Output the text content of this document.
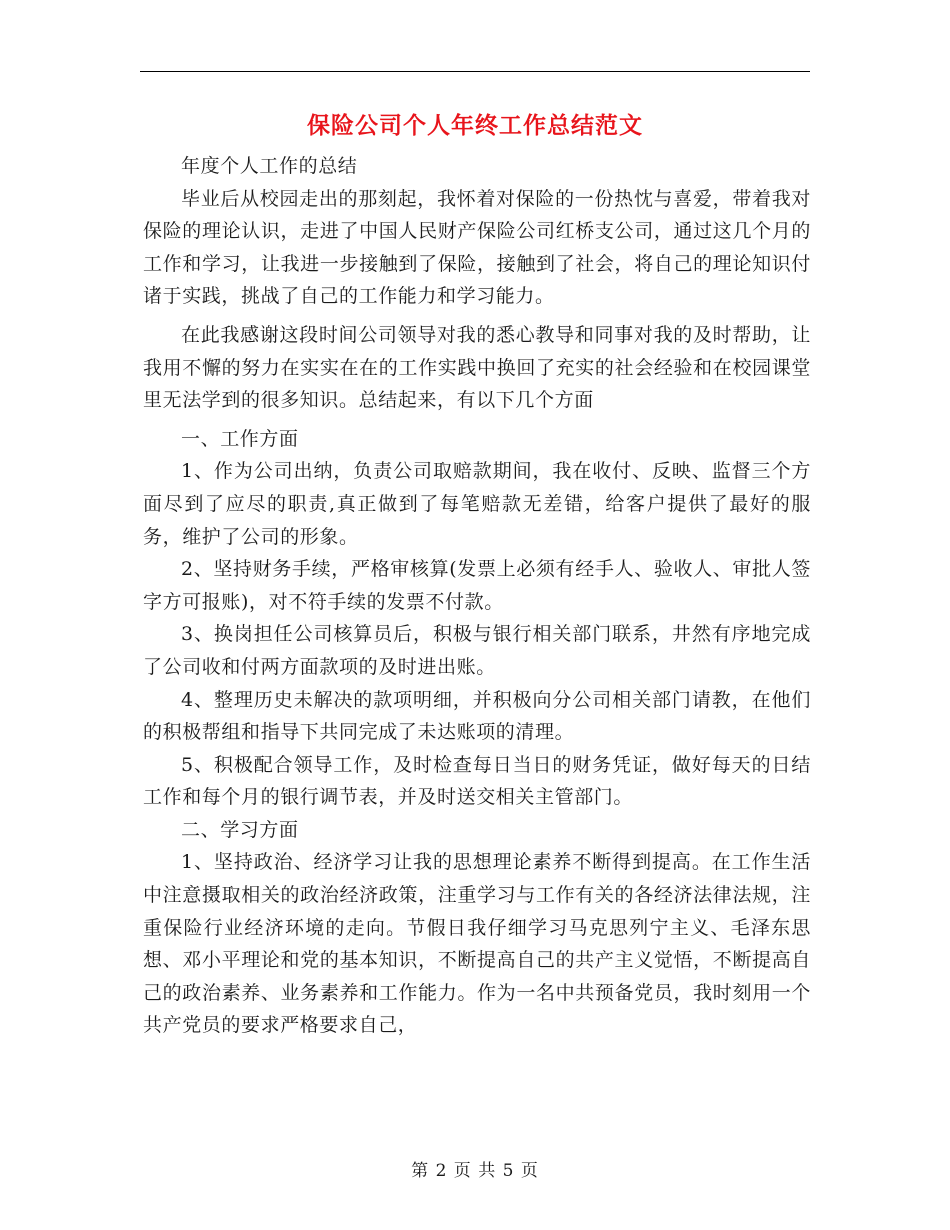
保险公司个人年终工作总结范文

年度个人工作的总结

毕业后从校园走出的那刻起，我怀着对保险的一份热忱与喜爱，带着我对保险的理论认识，走进了中国人民财产保险公司红桥支公司，通过这几个月的工作和学习，让我进一步接触到了保险，接触到了社会，将自己的理论知识付诸于实践，挑战了自己的工作能力和学习能力。

在此我感谢这段时间公司领导对我的悉心教导和同事对我的及时帮助，让我用不懈的努力在实实在在的工作实践中换回了充实的社会经验和在校园课堂里无法学到的很多知识。总结起来，有以下几个方面

一、工作方面

1、作为公司出纳，负责公司取赔款期间，我在收付、反映、监督三个方面尽到了应尽的职责,真正做到了每笔赔款无差错，给客户提供了最好的服务，维护了公司的形象。

2、坚持财务手续，严格审核算(发票上必须有经手人、验收人、审批人签字方可报账)，对不符手续的发票不付款。

3、换岗担任公司核算员后，积极与银行相关部门联系，井然有序地完成了公司收和付两方面款项的及时进出账。

4、整理历史未解决的款项明细，并积极向分公司相关部门请教，在他们的积极帮组和指导下共同完成了未达账项的清理。

5、积极配合领导工作，及时检查每日当日的财务凭证，做好每天的日结工作和每个月的银行调节表，并及时送交相关主管部门。

二、学习方面

1、坚持政治、经济学习让我的思想理论素养不断得到提高。在工作生活中注意摄取相关的政治经济政策，注重学习与工作有关的各经济法律法规，注重保险行业经济环境的走向。节假日我仔细学习马克思列宁主义、毛泽东思想、邓小平理论和党的基本知识，不断提高自己的共产主义觉悟，不断提高自己的政治素养、业务素养和工作能力。作为一名中共预备党员，我时刻用一个共产党员的要求严格要求自己，

第 2 页 共 5 页
